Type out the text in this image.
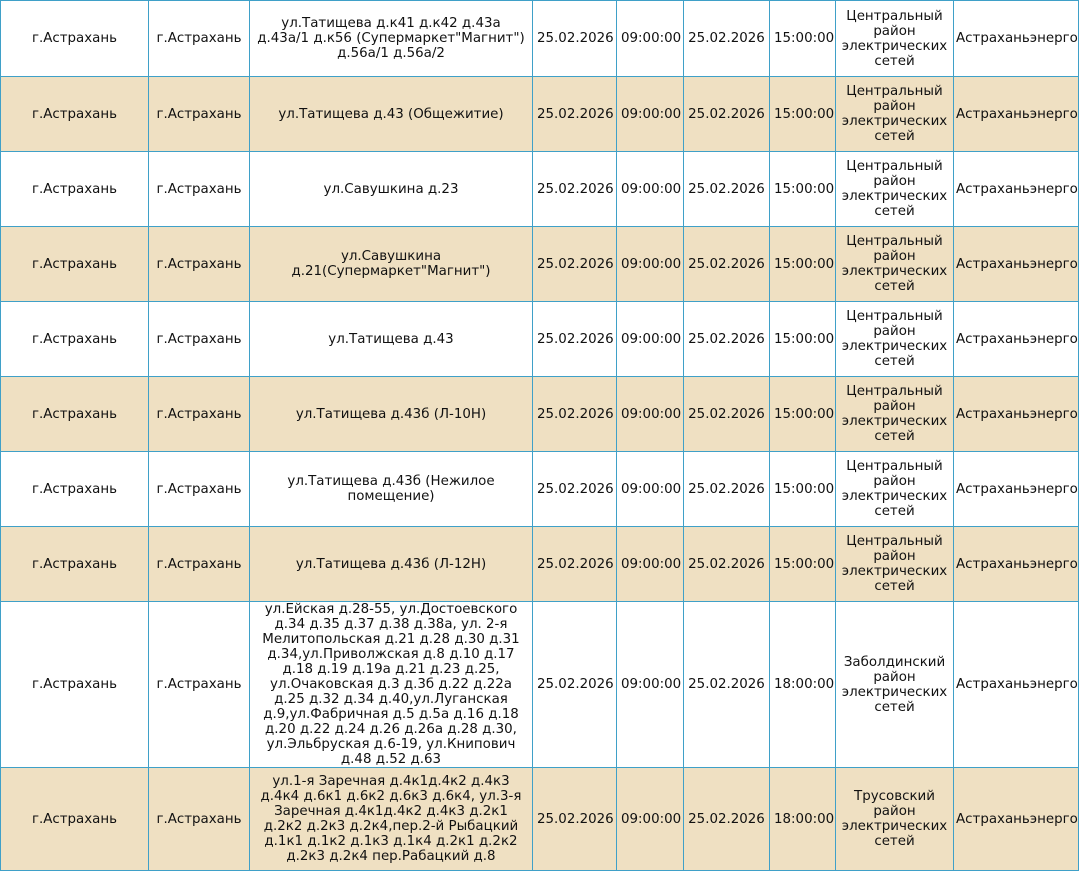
г.Астрахань	г.Астрахань	ул.Татищева д.к41 д.к42 д.43а д.43а/1 д.к56 (Супермаркет"Магнит") д.56а/1 д.56а/2	25.02.2026	09:00:00	25.02.2026	15:00:00	Центральный район электрических сетей	Астраханьэнерго
г.Астрахань	г.Астрахань	ул.Татищева д.43 (Общежитие)	25.02.2026	09:00:00	25.02.2026	15:00:00	Центральный район электрических сетей	Астраханьэнерго
г.Астрахань	г.Астрахань	ул.Савушкина д.23	25.02.2026	09:00:00	25.02.2026	15:00:00	Центральный район электрических сетей	Астраханьэнерго
г.Астрахань	г.Астрахань	ул.Савушкина д.21(Супермаркет"Магнит")	25.02.2026	09:00:00	25.02.2026	15:00:00	Центральный район электрических сетей	Астраханьэнерго
г.Астрахань	г.Астрахань	ул.Татищева д.43	25.02.2026	09:00:00	25.02.2026	15:00:00	Центральный район электрических сетей	Астраханьэнерго
г.Астрахань	г.Астрахань	ул.Татищева д.43б (Л-10Н)	25.02.2026	09:00:00	25.02.2026	15:00:00	Центральный район электрических сетей	Астраханьэнерго
г.Астрахань	г.Астрахань	ул.Татищева д.43б (Нежилое помещение)	25.02.2026	09:00:00	25.02.2026	15:00:00	Центральный район электрических сетей	Астраханьэнерго
г.Астрахань	г.Астрахань	ул.Татищева д.43б (Л-12Н)	25.02.2026	09:00:00	25.02.2026	15:00:00	Центральный район электрических сетей	Астраханьэнерго
г.Астрахань	г.Астрахань	ул.Ейская д.28-55, ул.Достоевского д.34 д.35 д.37 д.38 д.38а, ул. 2-я Мелитопольская д.21 д.28 д.30 д.31 д.34,ул.Приволжская д.8 д.10 д.17 д.18 д.19 д.19а д.21 д.23 д.25, ул.Очаковская д.3 д.3б д.22 д.22а д.25 д.32 д.34 д.40,ул.Луганская д.9,ул.Фабричная д.5 д.5а д.16 д.18 д.20 д.22 д.24 д.26 д.26а д.28 д.30, ул.Эльбруская д.6-19, ул.Книпович д.48 д.52 д.63	25.02.2026	09:00:00	25.02.2026	18:00:00	Заболдинский район электрических сетей	Астраханьэнерго
г.Астрахань	г.Астрахань	ул.1-я Заречная д.4к1д.4к2 д.4к3 д.4к4 д.6к1 д.6к2 д.6к3 д.6к4, ул.3-я Заречная д.4к1д.4к2 д.4к3 д.2к1 д.2к2 д.2к3 д.2к4,пер.2-й Рыбацкий д.1к1 д.1к2 д.1к3 д.1к4 д.2к1 д.2к2 д.2к3 д.2к4 пер.Рабацкий д.8	25.02.2026	09:00:00	25.02.2026	18:00:00	Трусовский район электрических сетей	Астраханьэнерго
